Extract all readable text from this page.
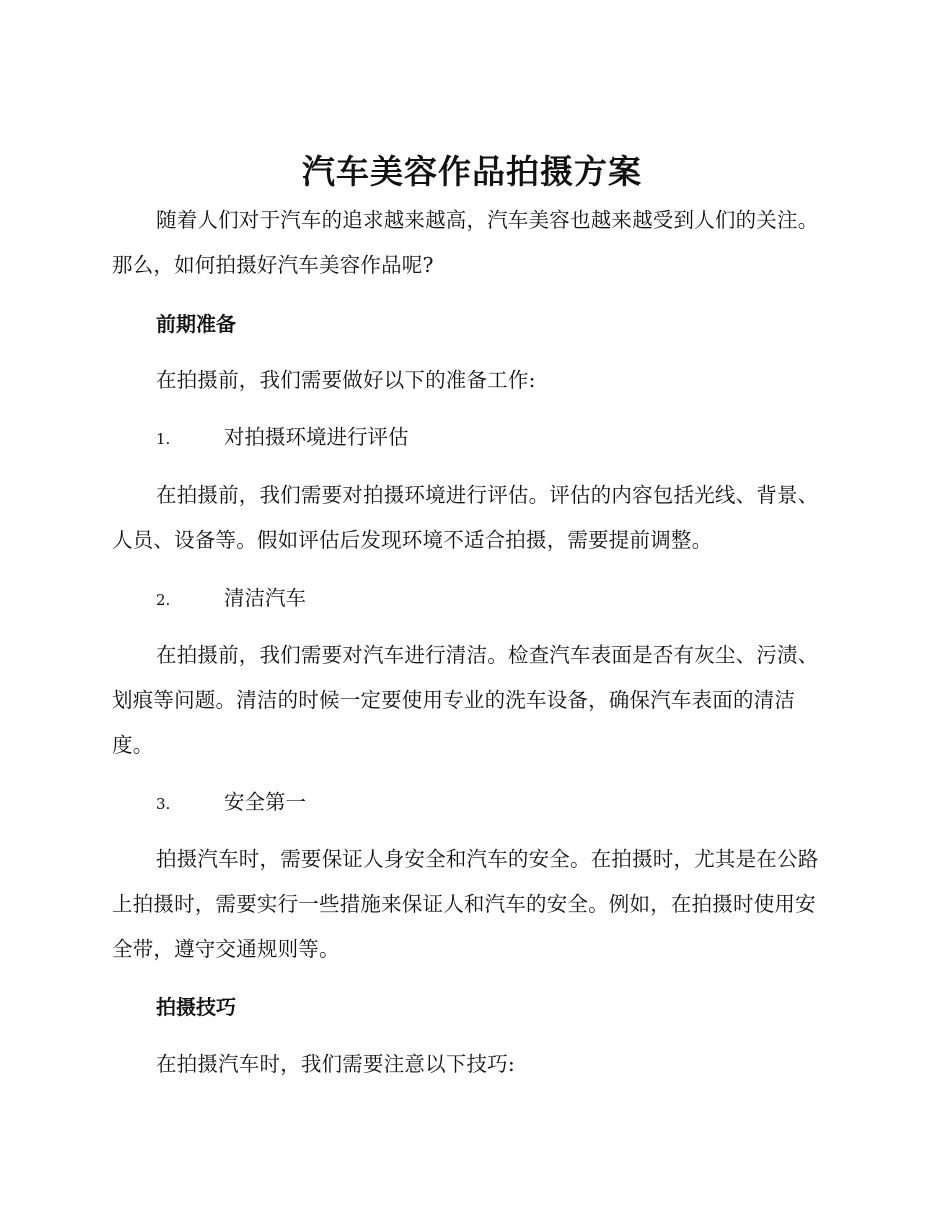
汽车美容作品拍摄方案

随着人们对于汽车的追求越来越高，汽车美容也越来越受到人们的关注。那么，如何拍摄好汽车美容作品呢?

前期准备

在拍摄前，我们需要做好以下的准备工作:

1.	对拍摄环境进行评估

在拍摄前，我们需要对拍摄环境进行评估。评估的内容包括光线、背景、人员、设备等。假如评估后发现环境不适合拍摄，需要提前调整。

2.	清洁汽车

在拍摄前，我们需要对汽车进行清洁。检查汽车表面是否有灰尘、污渍、划痕等问题。清洁的时候一定要使用专业的洗车设备，确保汽车表面的清洁度。

3.	安全第一

拍摄汽车时，需要保证人身安全和汽车的安全。在拍摄时，尤其是在公路上拍摄时，需要实行一些措施来保证人和汽车的安全。例如，在拍摄时使用安全带，遵守交通规则等。

拍摄技巧

在拍摄汽车时，我们需要注意以下技巧:
